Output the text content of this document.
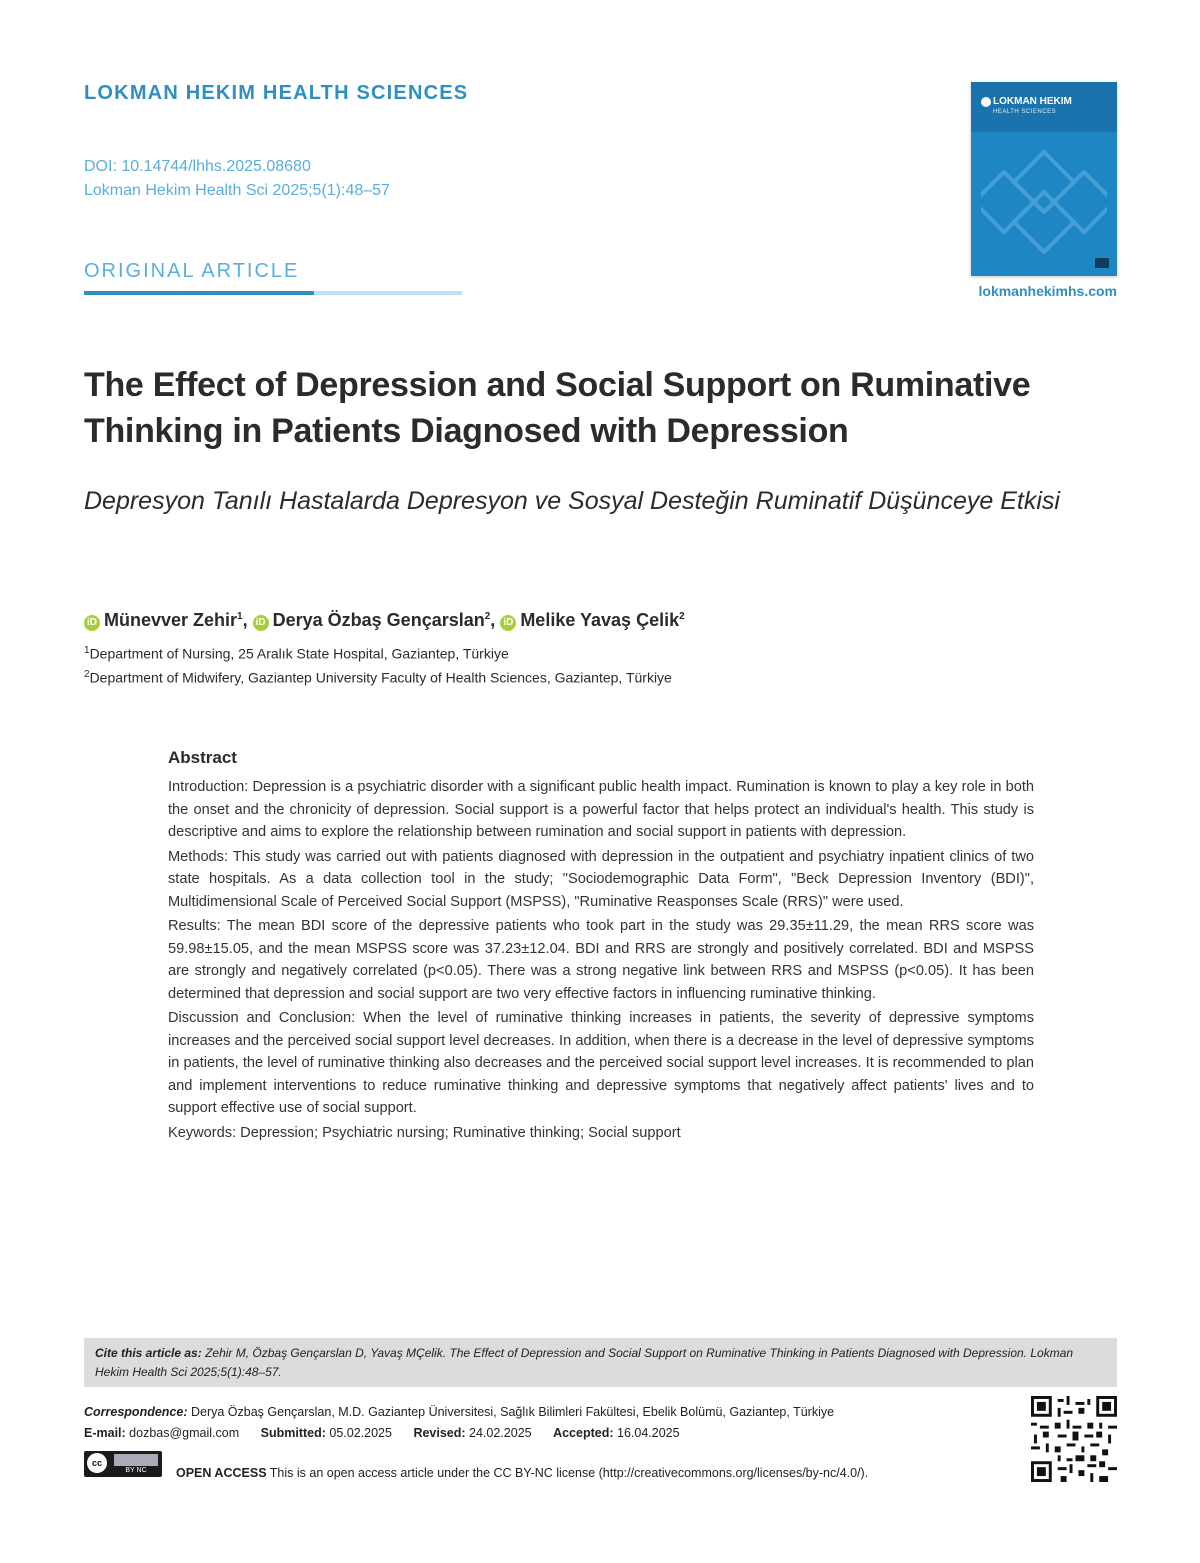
LOKMAN HEKIM HEALTH SCIENCES
DOI: 10.14744/lhhs.2025.08680
Lokman Hekim Health Sci 2025;5(1):48–57
ORIGINAL ARTICLE
LOKMAN HEKIM
HEALTH SCIENCES
lokmanhekimhs.com
The Effect of Depression and Social Support on Ruminative Thinking in Patients Diagnosed with Depression
Depresyon Tanılı Hastalarda Depresyon ve Sosyal Desteğin Ruminatif Düşünceye Etkisi
iD Münevver Zehir$^1$, iD Derya Özbaş Gençarslan$^2$, iD Melike Yavaş Çelik$^2$
$^1$Department of Nursing, 25 Aralık State Hospital, Gaziantep, Türkiye
$^2$Department of Midwifery, Gaziantep University Faculty of Health Sciences, Gaziantep, Türkiye
Abstract

Introduction: Depression is a psychiatric disorder with a significant public health impact. Rumination is known to play a key role in both the onset and the chronicity of depression. Social support is a powerful factor that helps protect an individual's health. This study is descriptive and aims to explore the relationship between rumination and social support in patients with depression.

Methods: This study was carried out with patients diagnosed with depression in the outpatient and psychiatry inpatient clinics of two state hospitals. As a data collection tool in the study; "Sociodemographic Data Form", "Beck Depression Inventory (BDI)", Multidimensional Scale of Perceived Social Support (MSPSS), "Ruminative Reasponses Scale (RRS)" were used.

Results: The mean BDI score of the depressive patients who took part in the study was 29.35±11.29, the mean RRS score was 59.98±15.05, and the mean MSPSS score was 37.23±12.04. BDI and RRS are strongly and positively correlated. BDI and MSPSS are strongly and negatively correlated (p<0.05). There was a strong negative link between RRS and MSPSS (p<0.05). It has been determined that depression and social support are two very effective factors in influencing ruminative thinking.

Discussion and Conclusion: When the level of ruminative thinking increases in patients, the severity of depressive symptoms increases and the perceived social support level decreases. In addition, when there is a decrease in the level of depressive symptoms in patients, the level of ruminative thinking also decreases and the perceived social support level increases. It is recommended to plan and implement interventions to reduce ruminative thinking and depressive symptoms that negatively affect patients' lives and to support effective use of social support.

Keywords: Depression; Psychiatric nursing; Ruminative thinking; Social support

Cite this article as: Zehir M, Özbaş Gençarslan D, Yavaş MÇelik. The Effect of Depression and Social Support on Ruminative Thinking in Patients Diagnosed with Depression. Lokman Hekim Health Sci 2025;5(1):48–57.
Correspondence: Derya Özbaş Gençarslan, M.D. Gaziantep Üniversitesi, Sağlık Bilimleri Fakültesi, Ebelik Bolümü, Gaziantep, Türkiye
E-mail: dozbas@gmail.com Submitted: 05.02.2025 Revised: 24.02.2025 Accepted: 16.04.2025
cc
BY NC	OPEN ACCESS This is an open access article under the CC BY-NC license (http://creativecommons.org/licenses/by-nc/4.0/).
